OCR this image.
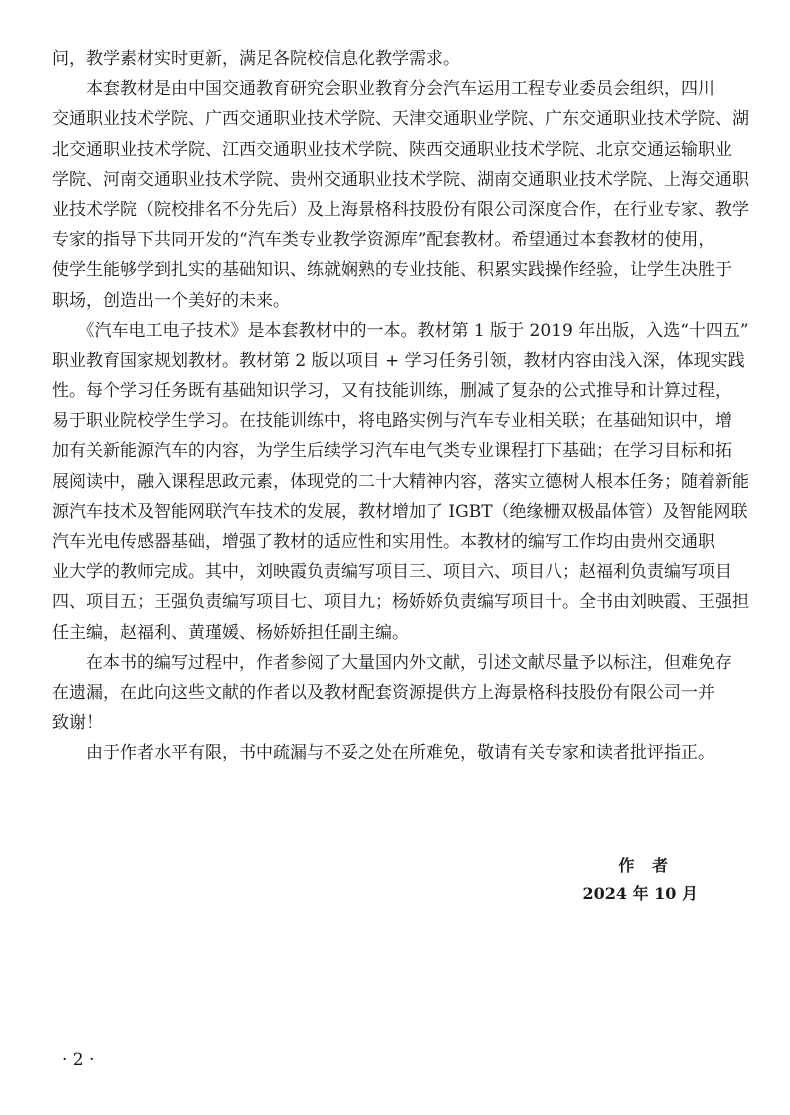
问，教学素材实时更新，满足各院校信息化教学需求。
　　本套教材是由中国交通教育研究会职业教育分会汽车运用工程专业委员会组织，四川
交通职业技术学院、广西交通职业技术学院、天津交通职业学院、广东交通职业技术学院、湖
北交通职业技术学院、江西交通职业技术学院、陕西交通职业技术学院、北京交通运输职业
学院、河南交通职业技术学院、贵州交通职业技术学院、湖南交通职业技术学院、上海交通职
业技术学院（院校排名不分先后）及上海景格科技股份有限公司深度合作，在行业专家、教学
专家的指导下共同开发的“汽车类专业教学资源库”配套教材。希望通过本套教材的使用，
使学生能够学到扎实的基础知识、练就娴熟的专业技能、积累实践操作经验，让学生决胜于
职场，创造出一个美好的未来。
　　《汽车电工电子技术》是本套教材中的一本。教材第 1 版于 2019 年出版，入选“十四五”
职业教育国家规划教材。教材第 2 版以项目 + 学习任务引领，教材内容由浅入深，体现实践
性。每个学习任务既有基础知识学习，又有技能训练，删减了复杂的公式推导和计算过程，
易于职业院校学生学习。在技能训练中，将电路实例与汽车专业相关联；在基础知识中，增
加有关新能源汽车的内容，为学生后续学习汽车电气类专业课程打下基础；在学习目标和拓
展阅读中，融入课程思政元素，体现党的二十大精神内容，落实立德树人根本任务；随着新能
源汽车技术及智能网联汽车技术的发展，教材增加了 IGBT（绝缘栅双极晶体管）及智能网联
汽车光电传感器基础，增强了教材的适应性和实用性。本教材的编写工作均由贵州交通职
业大学的教师完成。其中，刘映霞负责编写项目三、项目六、项目八；赵福利负责编写项目
四、项目五；王强负责编写项目七、项目九；杨娇娇负责编写项目十。全书由刘映霞、王强担
任主编，赵福利、黄瑾媛、杨娇娇担任副主编。
　　在本书的编写过程中，作者参阅了大量国内外文献，引述文献尽量予以标注，但难免存
在遗漏，在此向这些文献的作者以及教材配套资源提供方上海景格科技股份有限公司一并
致谢！
　　由于作者水平有限，书中疏漏与不妥之处在所难免，敬请有关专家和读者批评指正。
作 者
2024 年 10 月
· 2 ·
